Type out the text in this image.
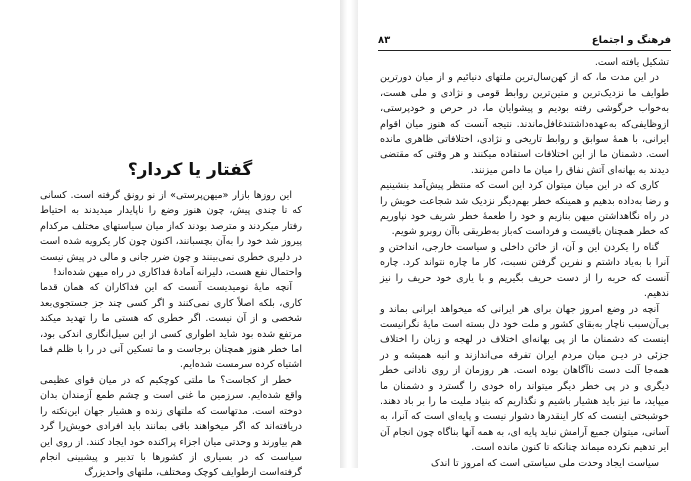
گفتار یا کردار؟

این روزها بازار «میهن‌پرستی» از نو رونق گرفته است. کسانی که تا چندی پیش، چون هنوز وضع را ناپایدار میدیدند به احتیاط رفتار میکردند و مترصد بودند که‌از میان سیاستهای مختلف مرکدام پیروز شد خود را به‌آن بچسبانند، اکنون چون کار یکرویه شده است در دلیری خطری نمی‌بینند و چون ضرر جانی و مالی در پیش نیست واحتمال نفع هست، دلیرانه آمادهٔ فداکاری در راه میهن شده‌اند!

آنچه مایهٔ نومیدیست آنست که این فداکاران که همان قدما کاری، بلکه اصلاً کاری نمی‌کنند و اگر کسی چند جز جستجوی‌بعد شخصی و از آن نیست. اگر خطری که هستی ما را تهدید میکند مرتفع شده بود شاید اطواری کسی از این سیل‌انگاری اندکی بود، اما خطر هنوز همچنان برجاست و ما تسکین آنی در را با ظلم فما اشتیاه کرده سرمست شده‌ایم.

خطر از کجاست؟ ما ملتی کوچکیم که در میان قوای عظیمی واقع شده‌ایم. سرزمین ما غنی است و چشم‌ طمع آزمندان بدان دوخته است. مدتهاست که ملتهای زنده و هشیار جهان این‌نکته را دریافته‌اند که اگر میخواهند باقی بمانند باید افرادی خویش‌را گرد هم بیاورند و وحدتی میان اجزاء پراکنده خود ایجاد کنند. از روی این سیاست که در بسیاری از کشورها با تدبیر و پیشبینی انجام گرفته‌است ازطوایف کوچک ومختلف، ملتهای واحدیزرگ

۸۳	فرهنگ و اجتماع

تشکیل یافته است.

در این مدت ما، که از کهن‌سال‌ترین ملتهای دنیائیم و از میان دورترین طوایف ما نزدیک‌ترین و متین‌ترین روابط قومی و نژادی و ملی هست، به‌خواب خرگوشی رفته بودیم و پیشوایان ما، در حرص و خودپرستی، ازوظایفی‌که به‌عهده‌داشتند‌غافل‌ماندند. نتیجه آنست که هنوز میان اقوام ایرانی، با همهٔ سوابق و روابط تاریخی و نژادی، اختلافاتی ظاهری مانده است. دشمنان ما از این اختلافات استفاده میکنند و هر وقتی که مقتضی دیدند به بهانه‌ای آتش نفاق را میان ما دامن میزنند.

کاری که در این میان میتوان کرد این است که منتظر پیش‌آمد بنشینیم و رضا به‌داده بدهیم و همینکه خطر بهم‌دیگر نزدیک شد شجاعت خویش را در راه نگاهداشتن میهن بنازیم و خود را طعمهٔ خطر شریف خود نپاوریم که خطر همچنان باقیست و فرداست که‌باز به‌طریقی باآن روبرو شویم.

گناه را یکردن این و آن، از خائن داخلی و سیاست خارجی، انداختن و آنرا با به‌یاد داشتم و نفرین گرفتن نسبت، کار ما چاره نتواند کرد. چاره آنست که حربه را از دست حریف بگیریم و با یاری خود حریف را نیز ندهیم.

آنچه در وضع امروز جهان برای هر ایرانی که میخواهد ایرانی بماند و بی‌آن‌سبب ناچار به‌بقای کشور و ملت خود دل بسته است مایهٔ نگرانیست اینست که دشمنان ما از پی بهانه‌ای اختلاف در لهجه و زبان را اختلاف جزئی در دیـن میان مردم ایران تفرقه می‌اندازند و انبه همیشه و در همه‌جا آلت دست ناآگاهان بوده است. هر روزمان از روی نادانی خطر دیگری و در پی خطر دیگر میتواند راه خودی را گسترد و دشمنان ما میپاید، ما نیز باید هشیار باشیم و نگذاریم که بنیاد ملیت ما را بر باد دهند. خوشبختی اینست که کار اینقدرها دشوار نیست و پایه‌ای است که آنرا، به آسانی، میتوان جمیع آرامش نباید پایه ای، به همه آنها بناگاه چون انجام آن ایر تدهیم نکرده میماند چنانکه تا کنون مانده است.

سیاست ایجاد وحدت ملی سیاستی است که امروز تا اندک
